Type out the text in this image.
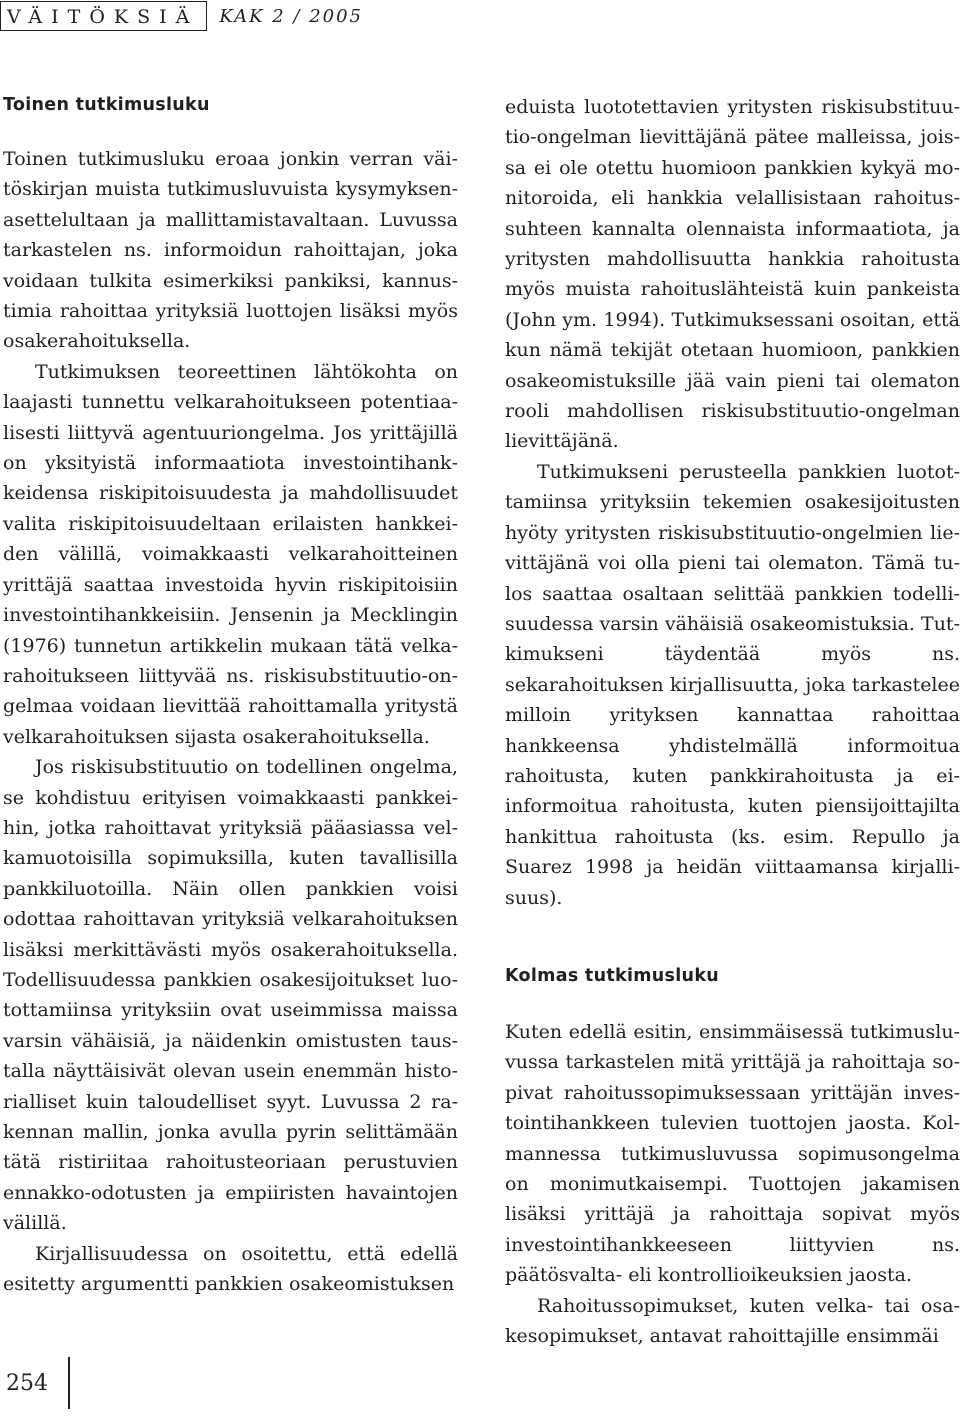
VÄITÖKSIÄ	KAK 2 / 2005
Toinen tutkimusluku

Toinen tutkimusluku eroaa jonkin verran väitöskirjan muista tutkimusluvuista kysymyksenasettelultaan ja mallittamistavaltaan. Luvussa tarkastelen ns. informoidun rahoittajan, joka voidaan tulkita esimerkiksi pankiksi, kannustimia rahoittaa yrityksiä luottojen lisäksi myös osakerahoituksella.

Tutkimuksen teoreettinen lähtökohta on laajasti tunnettu velkarahoitukseen potentiaalisesti liittyvä agentuuriongelma. Jos yrittäjillä on yksityistä informaatiota investointihankkeidensa riskipitoisuudesta ja mahdollisuudet valita riskipitoisuudeltaan erilaisten hankkeiden välillä, voimakkaasti velkarahoitteinen yrittäjä saattaa investoida hyvin riskipitoisiin investointihankkeisiin. Jensenin ja Mecklingin (1976) tunnetun artikkelin mukaan tätä velkarahoitukseen liittyvää ns. riskisubstituutio-ongelmaa voidaan lievittää rahoittamalla yritystä velkarahoituksen sijasta osakerahoituksella.

Jos riskisubstituutio on todellinen ongelma, se kohdistuu erityisen voimakkaasti pankkeihin, jotka rahoittavat yrityksiä pääasiassa velkamuotoisilla sopimuksilla, kuten tavallisilla pankkiluotoilla. Näin ollen pankkien voisi odottaa rahoittavan yrityksiä velkarahoituksen lisäksi merkittävästi myös osakerahoituksella. Todellisuudessa pankkien osakesijoitukset luotottamiinsa yrityksiin ovat useimmissa maissa varsin vähäisiä, ja näidenkin omistusten taustalla näyttäisivät olevan usein enemmän historialliset kuin taloudelliset syyt. Luvussa 2 rakennan mallin, jonka avulla pyrin selittämään tätä ristiriitaa rahoitusteoriaan perustuvien ennakko-odotusten ja empiiristen havaintojen välillä.

Kirjallisuudessa on osoitettu, että edellä esitetty argumentti pankkien osakeomistuksen

eduista luototettavien yritysten riskisubstituutio-ongelman lievittäjänä pätee malleissa, joissa ei ole otettu huomioon pankkien kykyä monitoroida, eli hankkia velallisistaan rahoitussuhteen kannalta olennaista informaatiota, ja yritysten mahdollisuutta hankkia rahoitusta myös muista rahoituslähteistä kuin pankeista (John ym. 1994). Tutkimuksessani osoitan, että kun nämä tekijät otetaan huomioon, pankkien osakeomistuksille jää vain pieni tai olematon rooli mahdollisen riskisubstituutio-ongelman lievittäjänä.

Tutkimukseni perusteella pankkien luotottamiinsa yrityksiin tekemien osakesijoitusten hyöty yritysten riskisubstituutio-ongelmien lievittäjänä voi olla pieni tai olematon. Tämä tulos saattaa osaltaan selittää pankkien todellisuudessa varsin vähäisiä osakeomistuksia. Tutkimukseni täydentää myös ns. sekarahoituksen kirjallisuutta, joka tarkastelee milloin yrityksen kannattaa rahoittaa hankkeensa yhdistelmällä informoitua rahoitusta, kuten pankkirahoitusta ja ei-informoitua rahoitusta, kuten piensijoittajilta hankittua rahoitusta (ks. esim. Repullo ja Suarez 1998 ja heidän viittaamansa kirjallisuus).

Kolmas tutkimusluku

Kuten edellä esitin, ensimmäisessä tutkimusluvussa tarkastelen mitä yrittäjä ja rahoittaja sopivat rahoitussopimuksessaan yrittäjän investointihankkeen tulevien tuottojen jaosta. Kolmannessa tutkimusluvussa sopimusongelma on monimutkaisempi. Tuottojen jakamisen lisäksi yrittäjä ja rahoittaja sopivat myös investointihankkeeseen liittyvien ns. päätösvalta- eli kontrollioikeuksien jaosta.

Rahoitussopimukset, kuten velka- tai osakesopimukset, antavat rahoittajille ensimmäi

254
